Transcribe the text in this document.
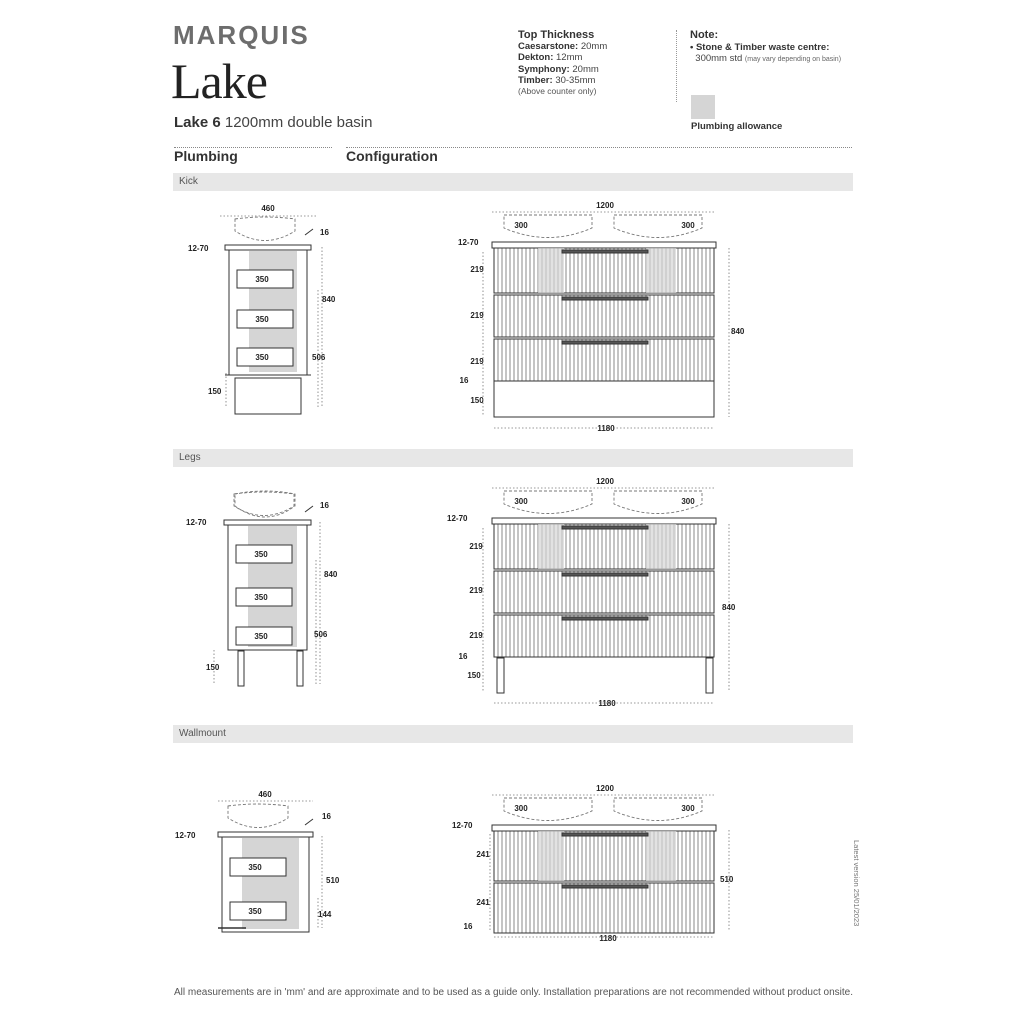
MARQUIS
Lake
Lake 6 1200mm double basin
Top Thickness
Caesarstone: 20mm
Dekton: 12mm
Symphony: 20mm
Timber: 30-35mm
(Above counter only)
Note:
• Stone & Timber waste centre:
300mm std (may vary depending on basin)
Plumbing allowance
Plumbing	Configuration
Kick
Legs
Wallmount
350
350
350
460
16
12-70
840
506
150
350
350
350
16
12-70
840
506
150
350
350
460
16
12-70
510
144
1200
300	300
12-70
219
219
219
16
150
840
1180
1200
300	300
12-70
219
219
219
16
150
840
1180
1200
300	300
12-70
241
241
16
510
1180
All measurements are in 'mm' and are approximate and to be used as a guide only. Installation preparations are not recommended without product onsite.
Latest version 25/01/2023
